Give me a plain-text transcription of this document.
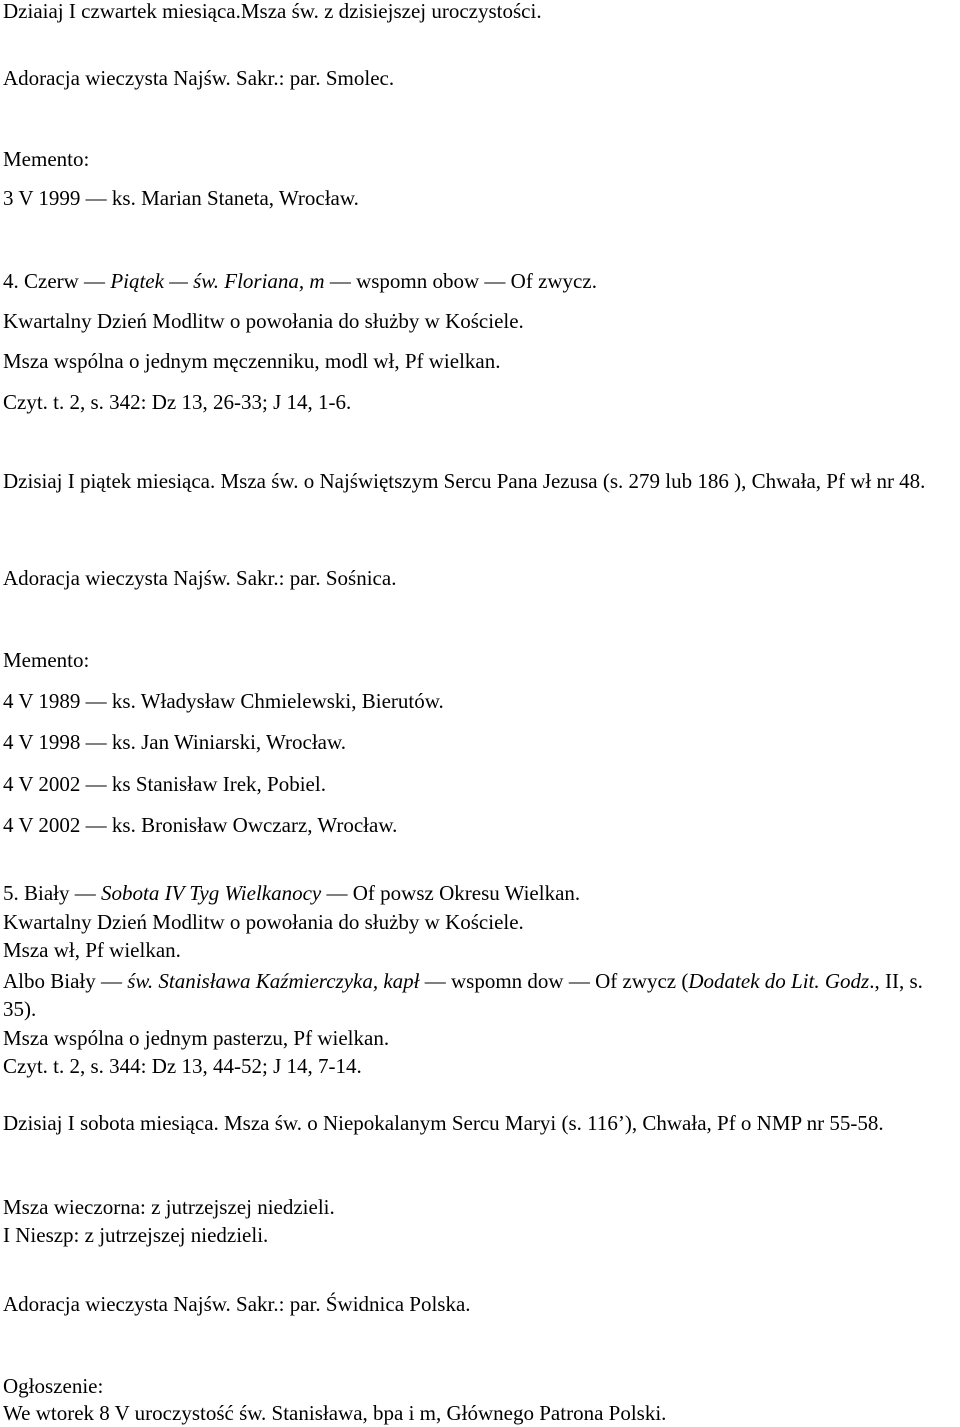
Dziaiaj I czwartek miesiąca.Msza św. z dzisiejszej uroczystości.
Adoracja wieczysta Najśw. Sakr.: par. Smolec.
Memento:
3 V 1999 — ks. Marian Staneta, Wrocław.
4. Czerw — Piątek — św. Floriana, m — wspomn obow — Of zwycz.
Kwartalny Dzień Modlitw o powołania do służby w Kościele.
Msza wspólna o jednym męczenniku, modl wł, Pf wielkan.
Czyt. t. 2, s. 342: Dz 13, 26-33; J 14, 1-6.
Dzisiaj I piątek miesiąca. Msza św. o Najświętszym Sercu Pana Jezusa (s. 279 lub 186 ), Chwała, Pf wł nr 48.
Adoracja wieczysta Najśw. Sakr.: par. Sośnica.
Memento:
4 V 1989 — ks. Władysław Chmielewski, Bierutów.
4 V 1998 — ks. Jan Winiarski, Wrocław.
4 V 2002 — ks Stanisław Irek, Pobiel.
4 V 2002 — ks. Bronisław Owczarz, Wrocław.
5. Biały — Sobota IV Tyg Wielkanocy — Of powsz Okresu Wielkan.
Kwartalny Dzień Modlitw o powołania do służby w Kościele.
Msza wł, Pf wielkan.
Albo Biały — św. Stanisława Kaźmierczyka, kapł — wspomn dow — Of zwycz (Dodatek do Lit. Godz., II, s. 35).
Msza wspólna o jednym pasterzu, Pf wielkan.
Czyt. t. 2, s. 344: Dz 13, 44-52; J 14, 7-14.
Dzisiaj I sobota miesiąca. Msza św. o Niepokalanym Sercu Maryi (s. 116’), Chwała, Pf o NMP nr 55-58.
Msza wieczorna: z jutrzejszej niedzieli.
I Nieszp: z jutrzejszej niedzieli.
Adoracja wieczysta Najśw. Sakr.: par. Świdnica Polska.
Ogłoszenie:
We wtorek 8 V uroczystość św. Stanisława, bpa i m, Głównego Patrona Polski.
